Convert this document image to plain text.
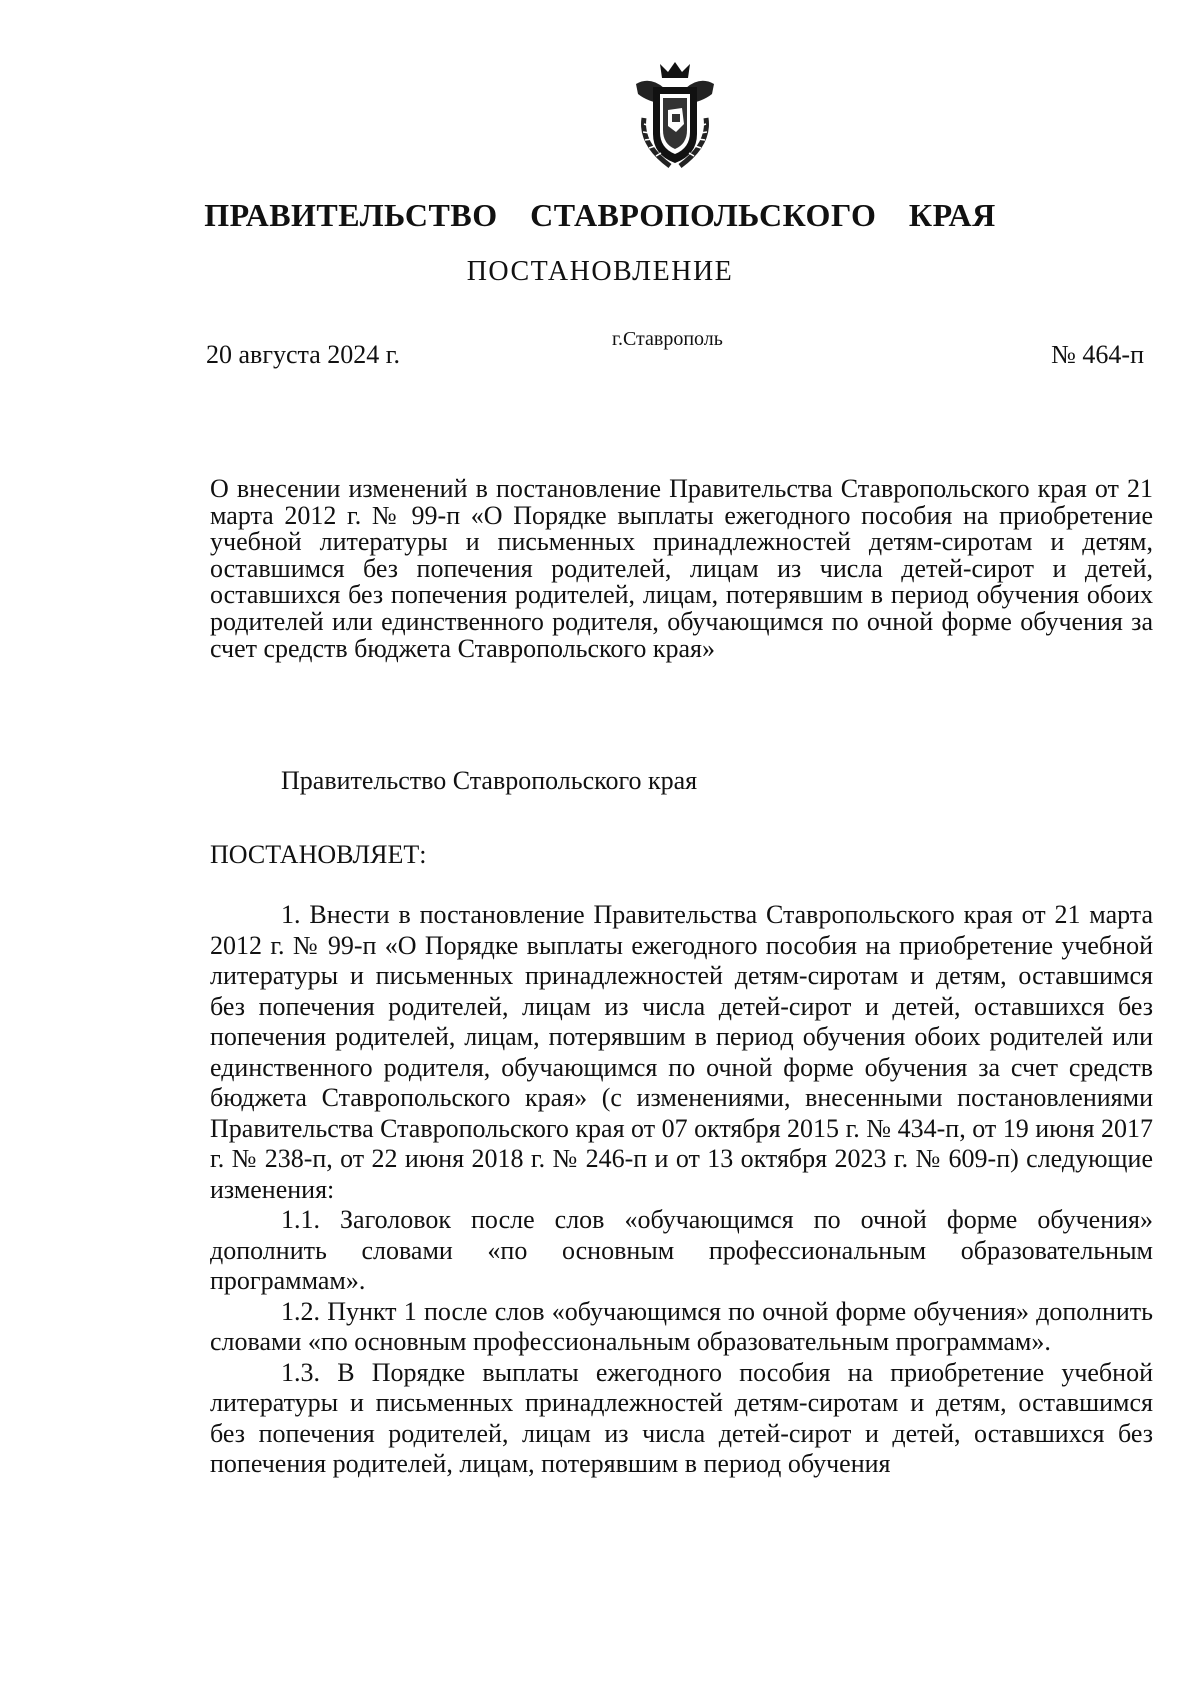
ПРАВИТЕЛЬСТВО СТАВРОПОЛЬСКОГО КРАЯ
ПОСТАНОВЛЕНИЕ
20 августа 2024 г.
г.Ставрополь
№ 464-п
О внесении изменений в постановление Правительства Ставропольского края от 21 марта 2012 г. № 99-п «О Порядке выплаты ежегодного пособия на приобретение учебной литературы и письменных принадлежностей детям-сиротам и детям, оставшимся без попечения родителей, лицам из числа детей-сирот и детей, оставшихся без попечения родителей, лицам, потерявшим в период обучения обоих родителей или единственного родителя, обучающимся по очной форме обучения за счет средств бюджета Ставропольского края»
Правительство Ставропольского края
ПОСТАНОВЛЯЕТ:

1. Внести в постановление Правительства Ставропольского края от 21 марта 2012 г. № 99-п «О Порядке выплаты ежегодного пособия на приобретение учебной литературы и письменных принадлежностей детям-сиротам и детям, оставшимся без попечения родителей, лицам из числа детей-сирот и детей, оставшихся без попечения родителей, лицам, потерявшим в период обучения обоих родителей или единственного родителя, обучающимся по очной форме обучения за счет средств бюджета Ставропольского края» (с изменениями, внесенными постановлениями Правительства Ставропольского края от 07 октября 2015 г. № 434-п, от 19 июня 2017 г. № 238-п, от 22 июня 2018 г. № 246-п и от 13 октября 2023 г. № 609-п) следующие изменения:

1.1. Заголовок после слов «обучающимся по очной форме обучения» дополнить словами «по основным профессиональным образовательным программам».

1.2. Пункт 1 после слов «обучающимся по очной форме обучения» дополнить словами «по основным профессиональным образовательным программам».

1.3. В Порядке выплаты ежегодного пособия на приобретение учебной литературы и письменных принадлежностей детям-сиротам и детям, оставшимся без попечения родителей, лицам из числа детей-сирот и детей, оставшихся без попечения родителей, лицам, потерявшим в период обучения
